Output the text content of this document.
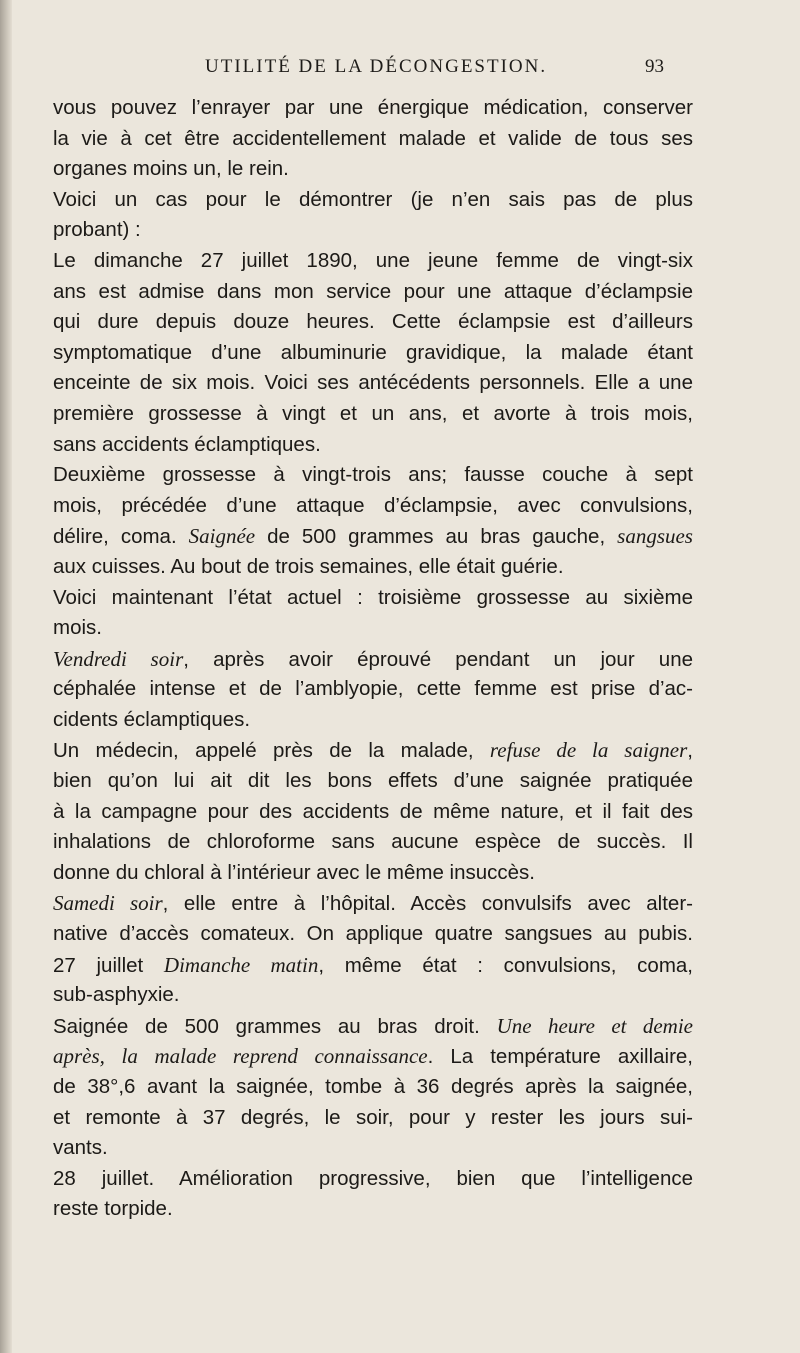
UTILITÉ DE LA DÉCONGESTION.	93
vous pouvez l’enrayer par une énergique médication, conserver
la vie à cet être accidentellement malade et valide de tous ses
organes moins un, le rein.
Voici un cas pour le démontrer (je n’en sais pas de plus
probant) :
Le dimanche 27 juillet 1890, une jeune femme de vingt-six
ans est admise dans mon service pour une attaque d’éclampsie
qui dure depuis douze heures. Cette éclampsie est d’ailleurs
symptomatique d’une albuminurie gravidique, la malade étant
enceinte de six mois. Voici ses antécédents personnels. Elle a une
première grossesse à vingt et un ans, et avorte à trois mois,
sans accidents éclamptiques.
Deuxième grossesse à vingt-trois ans; fausse couche à sept
mois, précédée d’une attaque d’éclampsie, avec convulsions,
délire, coma. Saignée de 500 grammes au bras gauche, sangsues
aux cuisses. Au bout de trois semaines, elle était guérie.
Voici maintenant l’état actuel : troisième grossesse au sixième
mois.
Vendredi soir, après avoir éprouvé pendant un jour une
céphalée intense et de l’amblyopie, cette femme est prise d’ac-
cidents éclamptiques.
Un médecin, appelé près de la malade, refuse de la saigner,
bien qu’on lui ait dit les bons effets d’une saignée pratiquée
à la campagne pour des accidents de même nature, et il fait des
inhalations de chloroforme sans aucune espèce de succès. Il
donne du chloral à l’intérieur avec le même insuccès.
Samedi soir, elle entre à l’hôpital. Accès convulsifs avec alter-
native d’accès comateux. On applique quatre sangsues au pubis.
27 juillet Dimanche matin, même état : convulsions, coma,
sub-asphyxie.
Saignée de 500 grammes au bras droit. Une heure et demie
après, la malade reprend connaissance. La température axillaire,
de 38°,6 avant la saignée, tombe à 36 degrés après la saignée,
et remonte à 37 degrés, le soir, pour y rester les jours sui-
vants.
28 juillet. Amélioration progressive, bien que l’intelligence
reste torpide.
